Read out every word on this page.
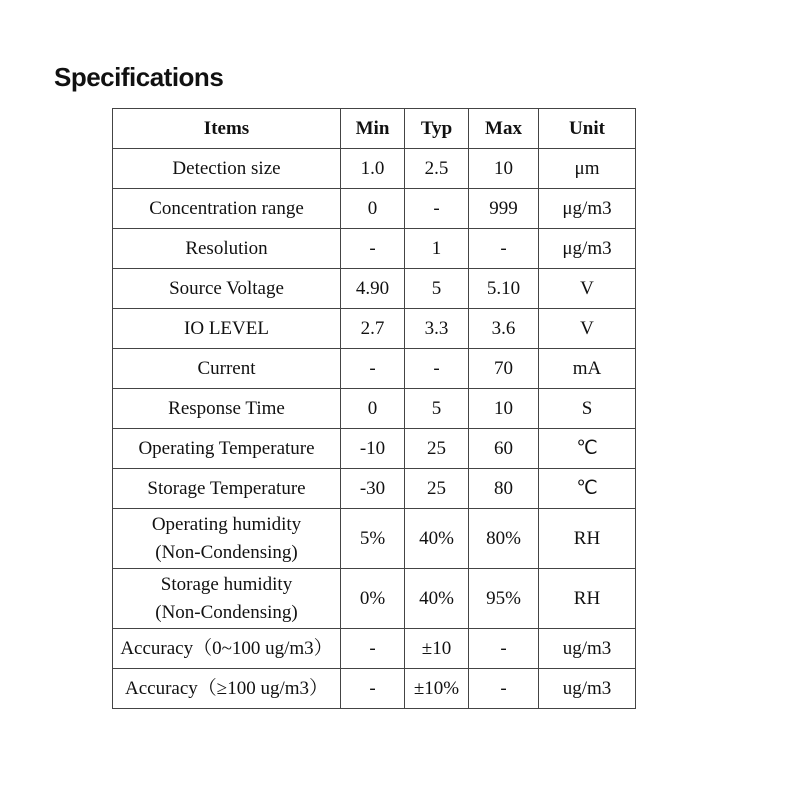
Specifications
Items	Min	Typ	Max	Unit
Detection size	1.0	2.5	10	μm
Concentration range	0	-	999	μg/m3
Resolution	-	1	-	μg/m3
Source Voltage	4.90	5	5.10	V
IO LEVEL	2.7	3.3	3.6	V
Current	-	-	70	mA
Response Time	0	5	10	S
Operating Temperature	-10	25	60	℃
Storage Temperature	-30	25	80	℃
Operating humidity
(Non-Condensing)	5%	40%	80%	RH
Storage humidity
(Non-Condensing)	0%	40%	95%	RH
Accuracy（0~100 ug/m3）	-	±10	-	ug/m3
Accuracy（≥100 ug/m3）	-	±10%	-	ug/m3
